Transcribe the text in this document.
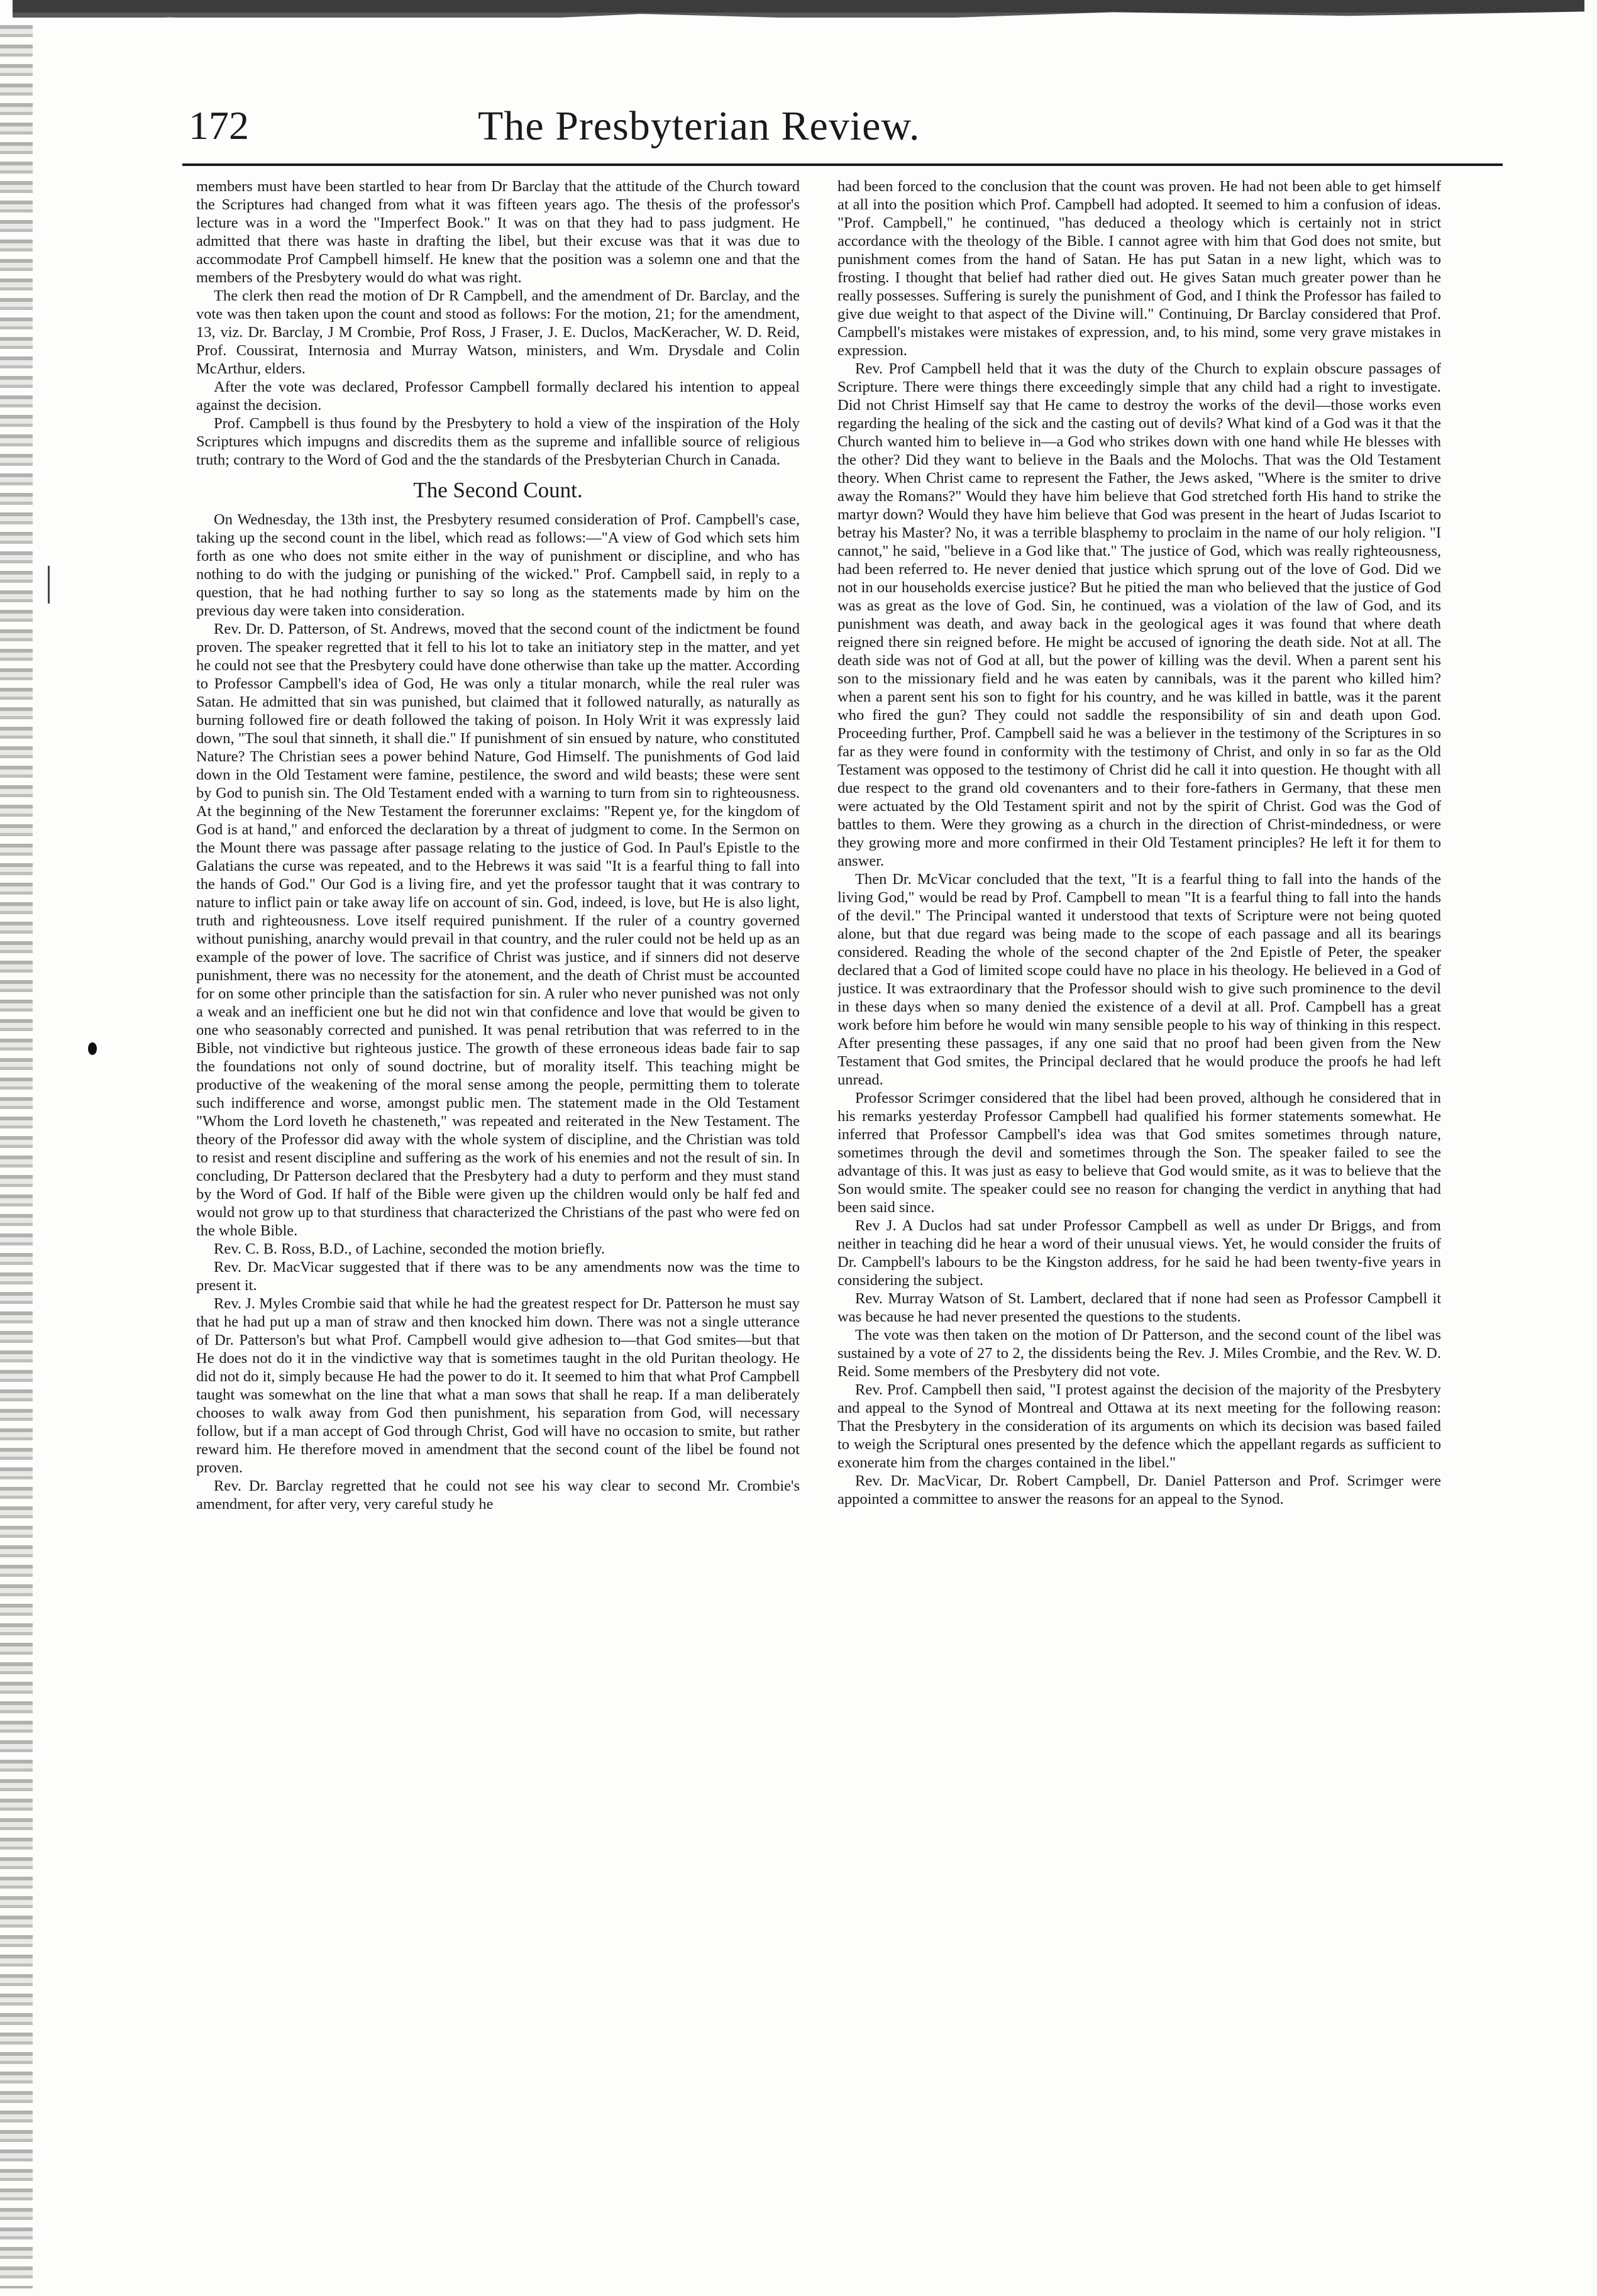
172	The Presbyterian Review.

members must have been startled to hear from Dr Barclay that the attitude of the Church toward the Scriptures had changed from what it was fifteen years ago. The thesis of the professor's lecture was in a word the "Imperfect Book." It was on that they had to pass judgment. He admitted that there was haste in drafting the libel, but their excuse was that it was due to accommodate Prof Campbell himself. He knew that the position was a solemn one and that the members of the Presbytery would do what was right.

The clerk then read the motion of Dr R Campbell, and the amendment of Dr. Barclay, and the vote was then taken upon the count and stood as follows: For the motion, 21; for the amendment, 13, viz. Dr. Barclay, J M Crombie, Prof Ross, J Fraser, J. E. Duclos, MacKeracher, W. D. Reid, Prof. Coussirat, Internosia and Murray Watson, ministers, and Wm. Drysdale and Colin McArthur, elders.

After the vote was declared, Professor Campbell formally declared his intention to appeal against the decision.

Prof. Campbell is thus found by the Presbytery to hold a view of the inspiration of the Holy Scriptures which impugns and discredits them as the supreme and infallible source of religious truth; contrary to the Word of God and the the standards of the Presbyterian Church in Canada.

The Second Count.

On Wednesday, the 13th inst, the Presbytery resumed consideration of Prof. Campbell's case, taking up the second count in the libel, which read as follows:—"A view of God which sets him forth as one who does not smite either in the way of punishment or discipline, and who has nothing to do with the judging or punishing of the wicked." Prof. Campbell said, in reply to a question, that he had nothing further to say so long as the statements made by him on the previous day were taken into consideration.

Rev. Dr. D. Patterson, of St. Andrews, moved that the second count of the indictment be found proven. The speaker regretted that it fell to his lot to take an initiatory step in the matter, and yet he could not see that the Presbytery could have done otherwise than take up the matter. According to Professor Campbell's idea of God, He was only a titular monarch, while the real ruler was Satan. He admitted that sin was punished, but claimed that it followed naturally, as naturally as burning followed fire or death followed the taking of poison. In Holy Writ it was expressly laid down, "The soul that sinneth, it shall die." If punishment of sin ensued by nature, who constituted Nature? The Christian sees a power behind Nature, God Himself. The punishments of God laid down in the Old Testament were famine, pestilence, the sword and wild beasts; these were sent by God to punish sin. The Old Testament ended with a warning to turn from sin to righteousness. At the beginning of the New Testament the forerunner exclaims: "Repent ye, for the kingdom of God is at hand," and enforced the declaration by a threat of judgment to come. In the Sermon on the Mount there was passage after passage relating to the justice of God. In Paul's Epistle to the Galatians the curse was repeated, and to the Hebrews it was said "It is a fearful thing to fall into the hands of God." Our God is a living fire, and yet the professor taught that it was contrary to nature to inflict pain or take away life on account of sin. God, indeed, is love, but He is also light, truth and righteousness. Love itself required punishment. If the ruler of a country governed without punishing, anarchy would prevail in that country, and the ruler could not be held up as an example of the power of love. The sacrifice of Christ was justice, and if sinners did not deserve punishment, there was no necessity for the atonement, and the death of Christ must be accounted for on some other principle than the satisfaction for sin. A ruler who never punished was not only a weak and an inefficient one but he did not win that confidence and love that would be given to one who seasonably corrected and punished. It was penal retribution that was referred to in the Bible, not vindictive but righteous justice. The growth of these erroneous ideas bade fair to sap the foundations not only of sound doctrine, but of morality itself. This teaching might be productive of the weakening of the moral sense among the people, permitting them to tolerate such indifference and worse, amongst public men. The statement made in the Old Testament "Whom the Lord loveth he chasteneth," was repeated and reiterated in the New Testament. The theory of the Professor did away with the whole system of discipline, and the Christian was told to resist and resent discipline and suffering as the work of his enemies and not the result of sin. In concluding, Dr Patterson declared that the Presbytery had a duty to perform and they must stand by the Word of God. If half of the Bible were given up the children would only be half fed and would not grow up to that sturdiness that characterized the Christians of the past who were fed on the whole Bible.

Rev. C. B. Ross, B.D., of Lachine, seconded the motion briefly.

Rev. Dr. MacVicar suggested that if there was to be any amendments now was the time to present it.

Rev. J. Myles Crombie said that while he had the greatest respect for Dr. Patterson he must say that he had put up a man of straw and then knocked him down. There was not a single utterance of Dr. Patterson's but what Prof. Campbell would give adhesion to—that God smites—but that He does not do it in the vindictive way that is sometimes taught in the old Puritan theology. He did not do it, simply because He had the power to do it. It seemed to him that what Prof Campbell taught was somewhat on the line that what a man sows that shall he reap. If a man deliberately chooses to walk away from God then punishment, his separation from God, will necessary follow, but if a man accept of God through Christ, God will have no occasion to smite, but rather reward him. He therefore moved in amendment that the second count of the libel be found not proven.

Rev. Dr. Barclay regretted that he could not see his way clear to second Mr. Crombie's amendment, for after very, very careful study he

had been forced to the conclusion that the count was proven. He had not been able to get himself at all into the position which Prof. Campbell had adopted. It seemed to him a confusion of ideas. "Prof. Campbell," he continued, "has deduced a theology which is certainly not in strict accordance with the theology of the Bible. I cannot agree with him that God does not smite, but punishment comes from the hand of Satan. He has put Satan in a new light, which was to frosting. I thought that belief had rather died out. He gives Satan much greater power than he really possesses. Suffering is surely the punishment of God, and I think the Professor has failed to give due weight to that aspect of the Divine will." Continuing, Dr Barclay considered that Prof. Campbell's mistakes were mistakes of expression, and, to his mind, some very grave mistakes in expression.

Rev. Prof Campbell held that it was the duty of the Church to explain obscure passages of Scripture. There were things there exceedingly simple that any child had a right to investigate. Did not Christ Himself say that He came to destroy the works of the devil—those works even regarding the healing of the sick and the casting out of devils? What kind of a God was it that the Church wanted him to believe in—a God who strikes down with one hand while He blesses with the other? Did they want to believe in the Baals and the Molochs. That was the Old Testament theory. When Christ came to represent the Father, the Jews asked, "Where is the smiter to drive away the Romans?" Would they have him believe that God stretched forth His hand to strike the martyr down? Would they have him believe that God was present in the heart of Judas Iscariot to betray his Master? No, it was a terrible blasphemy to proclaim in the name of our holy religion. "I cannot," he said, "believe in a God like that." The justice of God, which was really righteousness, had been referred to. He never denied that justice which sprung out of the love of God. Did we not in our households exercise justice? But he pitied the man who believed that the justice of God was as great as the love of God. Sin, he continued, was a violation of the law of God, and its punishment was death, and away back in the geological ages it was found that where death reigned there sin reigned before. He might be accused of ignoring the death side. Not at all. The death side was not of God at all, but the power of killing was the devil. When a parent sent his son to the missionary field and he was eaten by cannibals, was it the parent who killed him? when a parent sent his son to fight for his country, and he was killed in battle, was it the parent who fired the gun? They could not saddle the responsibility of sin and death upon God. Proceeding further, Prof. Campbell said he was a believer in the testimony of the Scriptures in so far as they were found in conformity with the testimony of Christ, and only in so far as the Old Testament was opposed to the testimony of Christ did he call it into question. He thought with all due respect to the grand old covenanters and to their fore-fathers in Germany, that these men were actuated by the Old Testament spirit and not by the spirit of Christ. God was the God of battles to them. Were they growing as a church in the direction of Christ-mindedness, or were they growing more and more confirmed in their Old Testament principles? He left it for them to answer.

Then Dr. McVicar concluded that the text, "It is a fearful thing to fall into the hands of the living God," would be read by Prof. Campbell to mean "It is a fearful thing to fall into the hands of the devil." The Principal wanted it understood that texts of Scripture were not being quoted alone, but that due regard was being made to the scope of each passage and all its bearings considered. Reading the whole of the second chapter of the 2nd Epistle of Peter, the speaker declared that a God of limited scope could have no place in his theology. He believed in a God of justice. It was extraordinary that the Professor should wish to give such prominence to the devil in these days when so many denied the existence of a devil at all. Prof. Campbell has a great work before him before he would win many sensible people to his way of thinking in this respect. After presenting these passages, if any one said that no proof had been given from the New Testament that God smites, the Principal declared that he would produce the proofs he had left unread.

Professor Scrimger considered that the libel had been proved, although he considered that in his remarks yesterday Professor Campbell had qualified his former statements somewhat. He inferred that Professor Campbell's idea was that God smites sometimes through nature, sometimes through the devil and sometimes through the Son. The speaker failed to see the advantage of this. It was just as easy to believe that God would smite, as it was to believe that the Son would smite. The speaker could see no reason for changing the verdict in anything that had been said since.

Rev J. A Duclos had sat under Professor Campbell as well as under Dr Briggs, and from neither in teaching did he hear a word of their unusual views. Yet, he would consider the fruits of Dr. Campbell's labours to be the Kingston address, for he said he had been twenty-five years in considering the subject.

Rev. Murray Watson of St. Lambert, declared that if none had seen as Professor Campbell it was because he had never presented the questions to the students.

The vote was then taken on the motion of Dr Patterson, and the second count of the libel was sustained by a vote of 27 to 2, the dissidents being the Rev. J. Miles Crombie, and the Rev. W. D. Reid. Some members of the Presbytery did not vote.

Rev. Prof. Campbell then said, "I protest against the decision of the majority of the Presbytery and appeal to the Synod of Montreal and Ottawa at its next meeting for the following reason: That the Presbytery in the consideration of its arguments on which its decision was based failed to weigh the Scriptural ones presented by the defence which the appellant regards as sufficient to exonerate him from the charges contained in the libel."

Rev. Dr. MacVicar, Dr. Robert Campbell, Dr. Daniel Patterson and Prof. Scrimger were appointed a committee to answer the reasons for an appeal to the Synod.
